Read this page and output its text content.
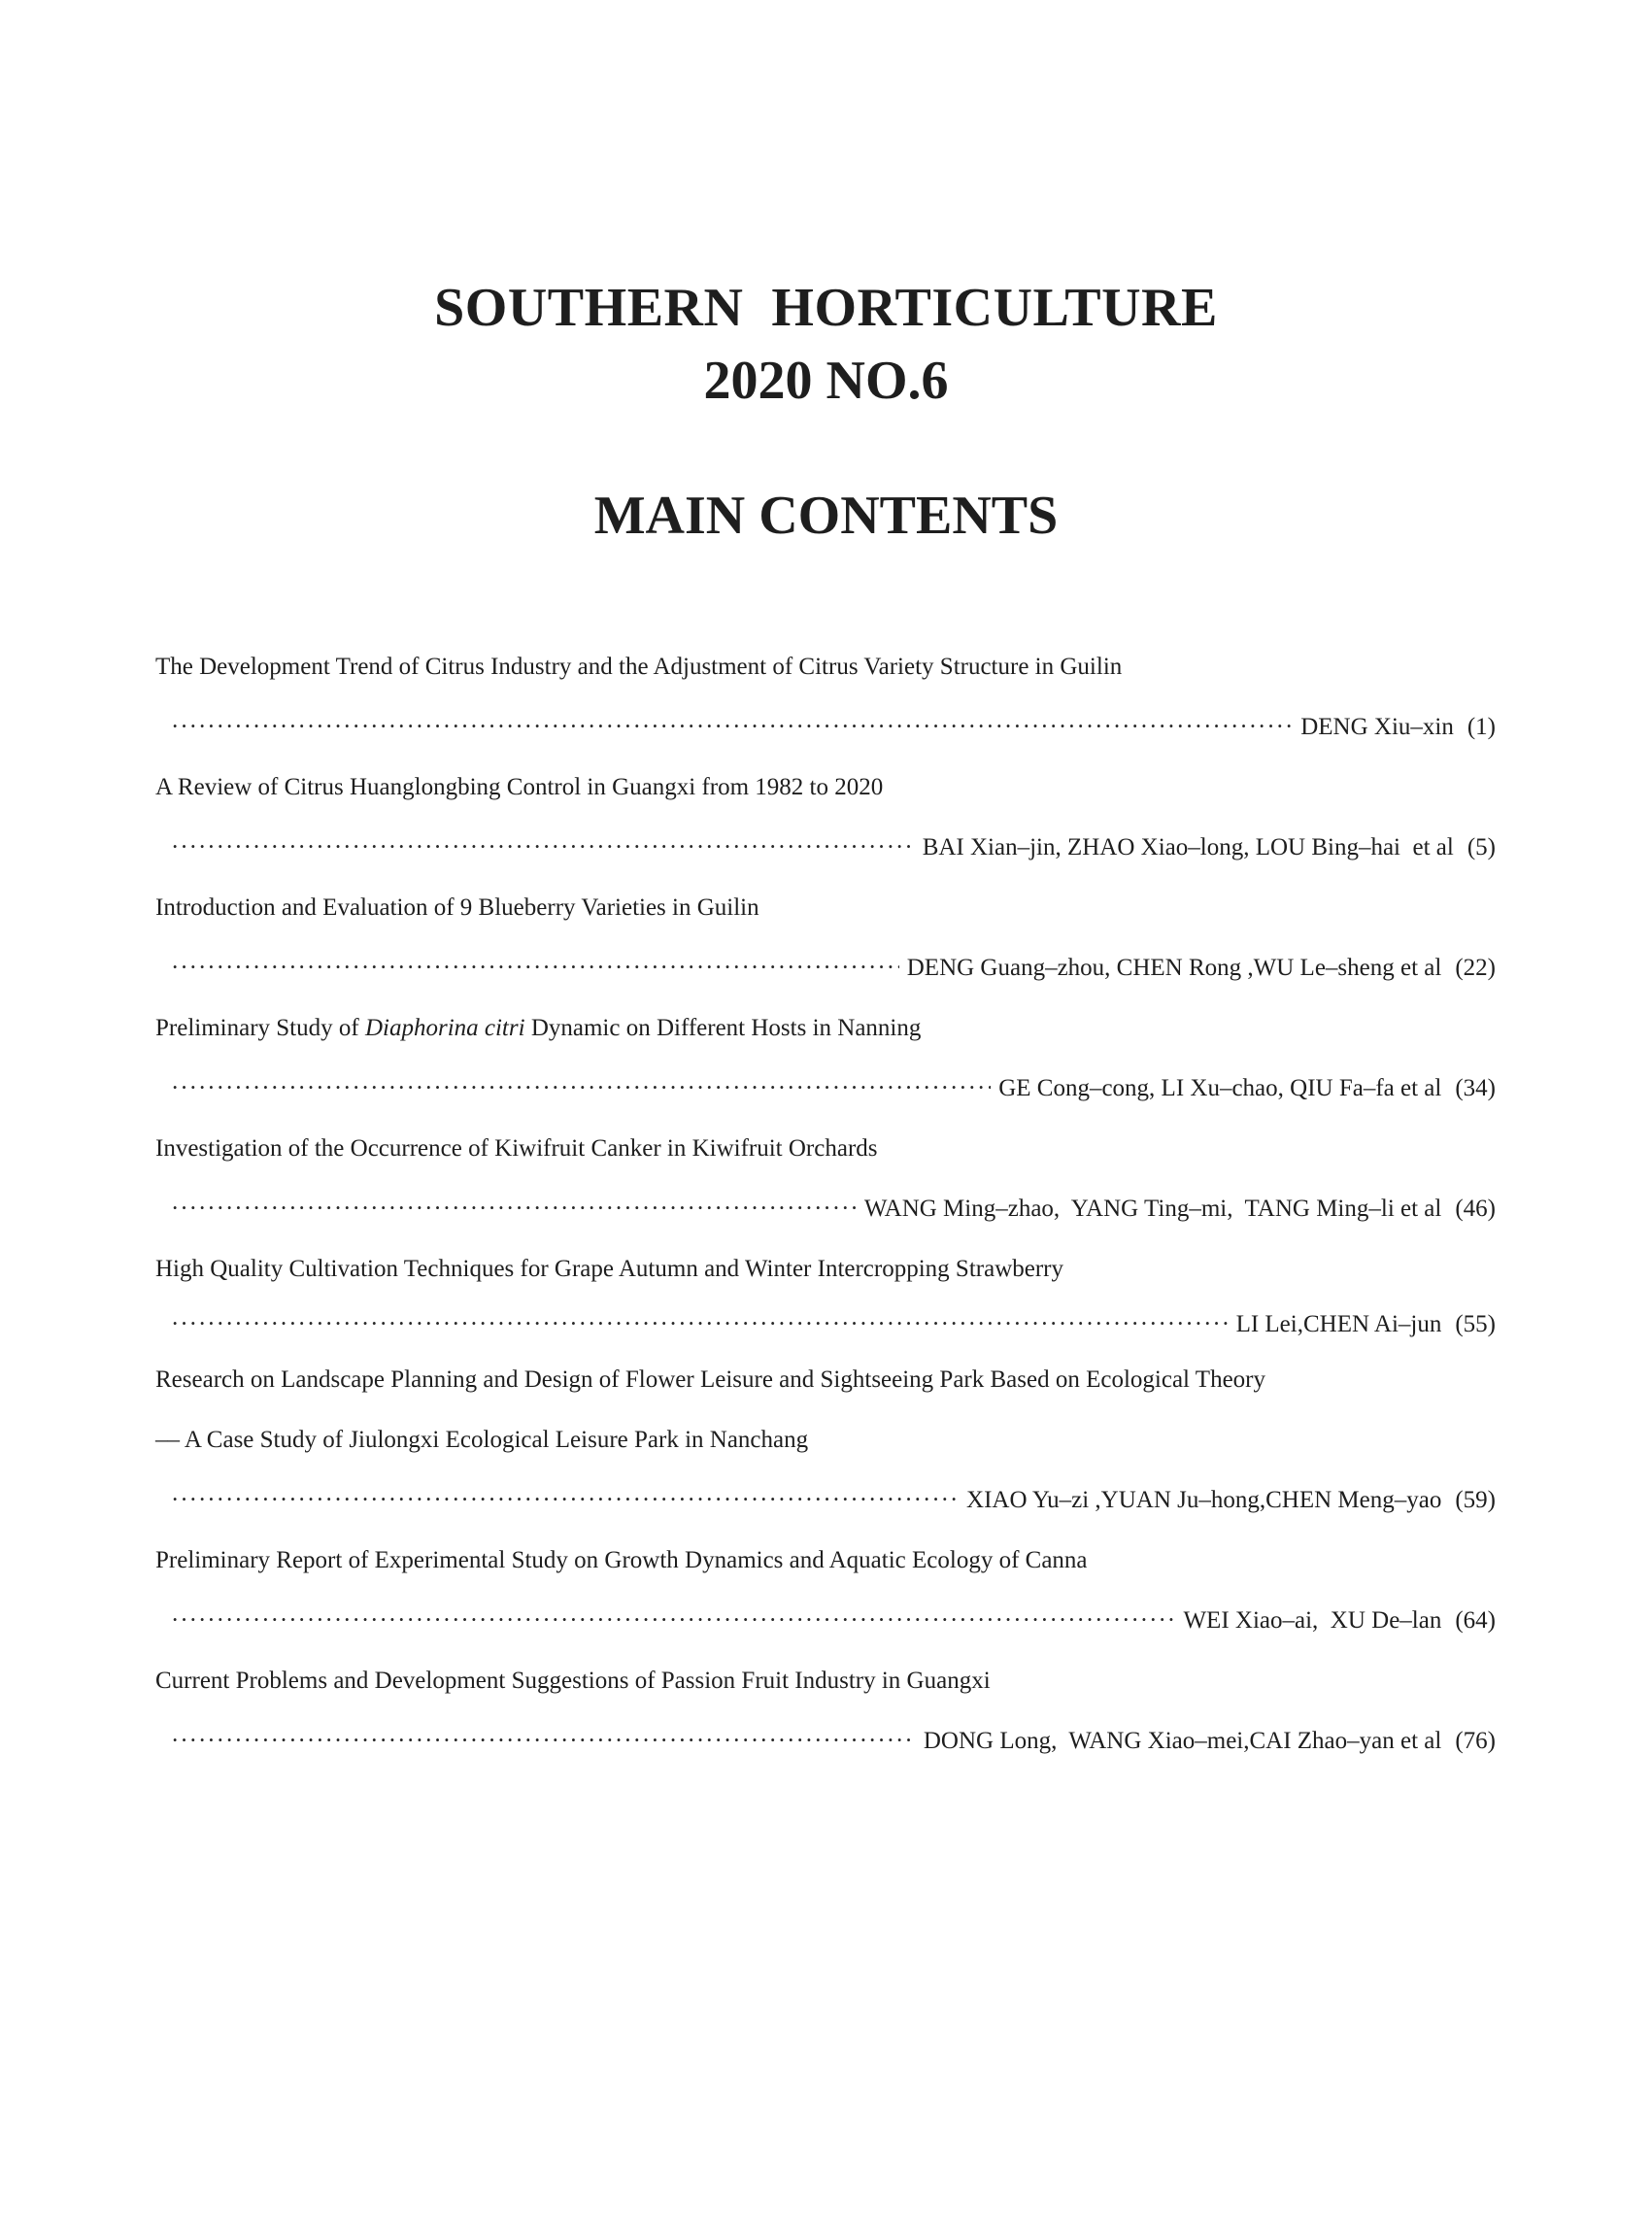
SOUTHERN  HORTICULTURE
2020 NO.6
MAIN CONTENTS
The Development Trend of Citrus Industry and the Adjustment of Citrus Variety Structure in Guilin
·····
DENG Xiu–xin (1)
A Review of Citrus Huanglongbing Control in Guangxi from 1982 to 2020
·····
BAI Xian–jin, ZHAO Xiao–long, LOU Bing–hai  et al (5)
Introduction and Evaluation of 9 Blueberry Varieties in Guilin
·····
DENG Guang–zhou, CHEN Rong ,WU Le–sheng et al (22)
Preliminary Study of Diaphorina citri Dynamic on Different Hosts in Nanning
·····
GE Cong–cong, LI Xu–chao, QIU Fa–fa et al (34)
Investigation of the Occurrence of Kiwifruit Canker in Kiwifruit Orchards
·····
WANG Ming–zhao,  YANG Ting–mi,  TANG Ming–li et al (46)
High Quality Cultivation Techniques for Grape Autumn and Winter Intercropping Strawberry
·····
LI Lei,CHEN Ai–jun (55)
Research on Landscape Planning and Design of Flower Leisure and Sightseeing Park Based on Ecological Theory
–– A Case Study of Jiulongxi Ecological Leisure Park in Nanchang
·····
XIAO Yu–zi ,YUAN Ju–hong,CHEN Meng–yao (59)
Preliminary Report of Experimental Study on Growth Dynamics and Aquatic Ecology of Canna
·····
WEI Xiao–ai,  XU De–lan (64)
Current Problems and Development Suggestions of Passion Fruit Industry in Guangxi
·····
DONG Long,  WANG Xiao–mei,CAI Zhao–yan et al (76)
